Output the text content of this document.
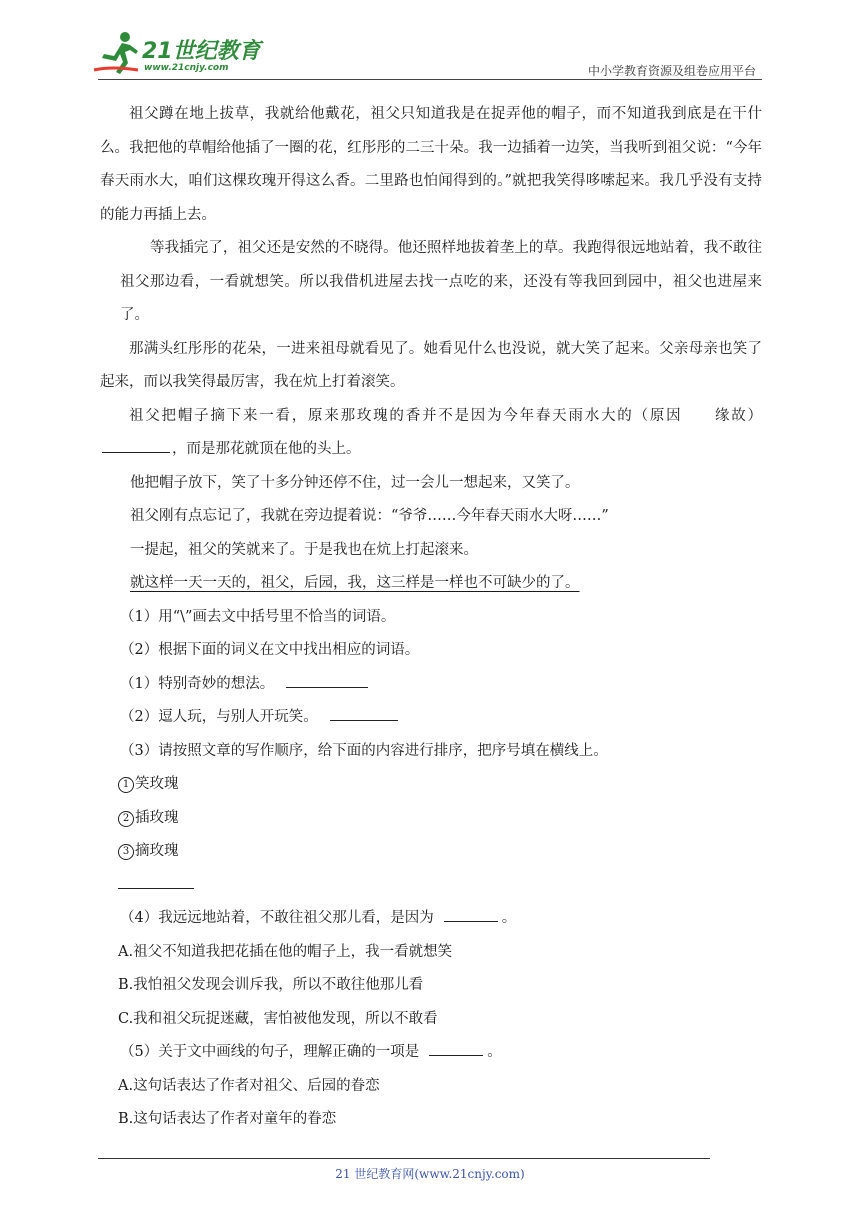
21世纪教育
www.21cnjy.com	中小学教育资源及组卷应用平台

祖父蹲在地上拔草，我就给他戴花，祖父只知道我是在捉弄他的帽子，而不知道我到底是在干什么。我把他的草帽给他插了一圈的花，红彤彤的二三十朵。我一边插着一边笑，当我听到祖父说：“今年春天雨水大，咱们这棵玫瑰开得这么香。二里路也怕闻得到的。”就把我笑得哆嗦起来。我几乎没有支持的能力再插上去。

等我插完了，祖父还是安然的不晓得。他还照样地拔着垄上的草。我跑得很远地站着，我不敢往祖父那边看，一看就想笑。所以我借机进屋去找一点吃的来，还没有等我回到园中，祖父也进屋来了。

那满头红彤彤的花朵，一进来祖母就看见了。她看见什么也没说，就大笑了起来。父亲母亲也笑了起来，而以我笑得最厉害，我在炕上打着滚笑。

祖父把帽子摘下来一看，原来那玫瑰的香并不是因为今年春天雨水大的（原因　　缘故），而是那花就顶在他的头上。

他把帽子放下，笑了十多分钟还停不住，过一会儿一想起来，又笑了。

祖父刚有点忘记了，我就在旁边提着说：“爷爷……今年春天雨水大呀……”

一提起，祖父的笑就来了。于是我也在炕上打起滚来。

就这样一天一天的，祖父，后园，我，这三样是一样也不可缺少的了。

（1）用“\”画去文中括号里不恰当的词语。

（2）根据下面的词义在文中找出相应的词语。

（1）特别奇妙的想法。

（2）逗人玩，与别人开玩笑。

（3）请按照文章的写作顺序，给下面的内容进行排序，把序号填在横线上。

1 笑玫瑰

2 插玫瑰

3 摘玫瑰

（4）我远远地站着，不敢往祖父那儿看，是因为	。

A.祖父不知道我把花插在他的帽子上，我一看就想笑

B.我怕祖父发现会训斥我，所以不敢往他那儿看

C.我和祖父玩捉迷藏，害怕被他发现，所以不敢看

（5）关于文中画线的句子，理解正确的一项是	。

A.这句话表达了作者对祖父、后园的眷恋

B.这句话表达了作者对童年的眷恋

21 世纪教育网(www.21cnjy.com)
